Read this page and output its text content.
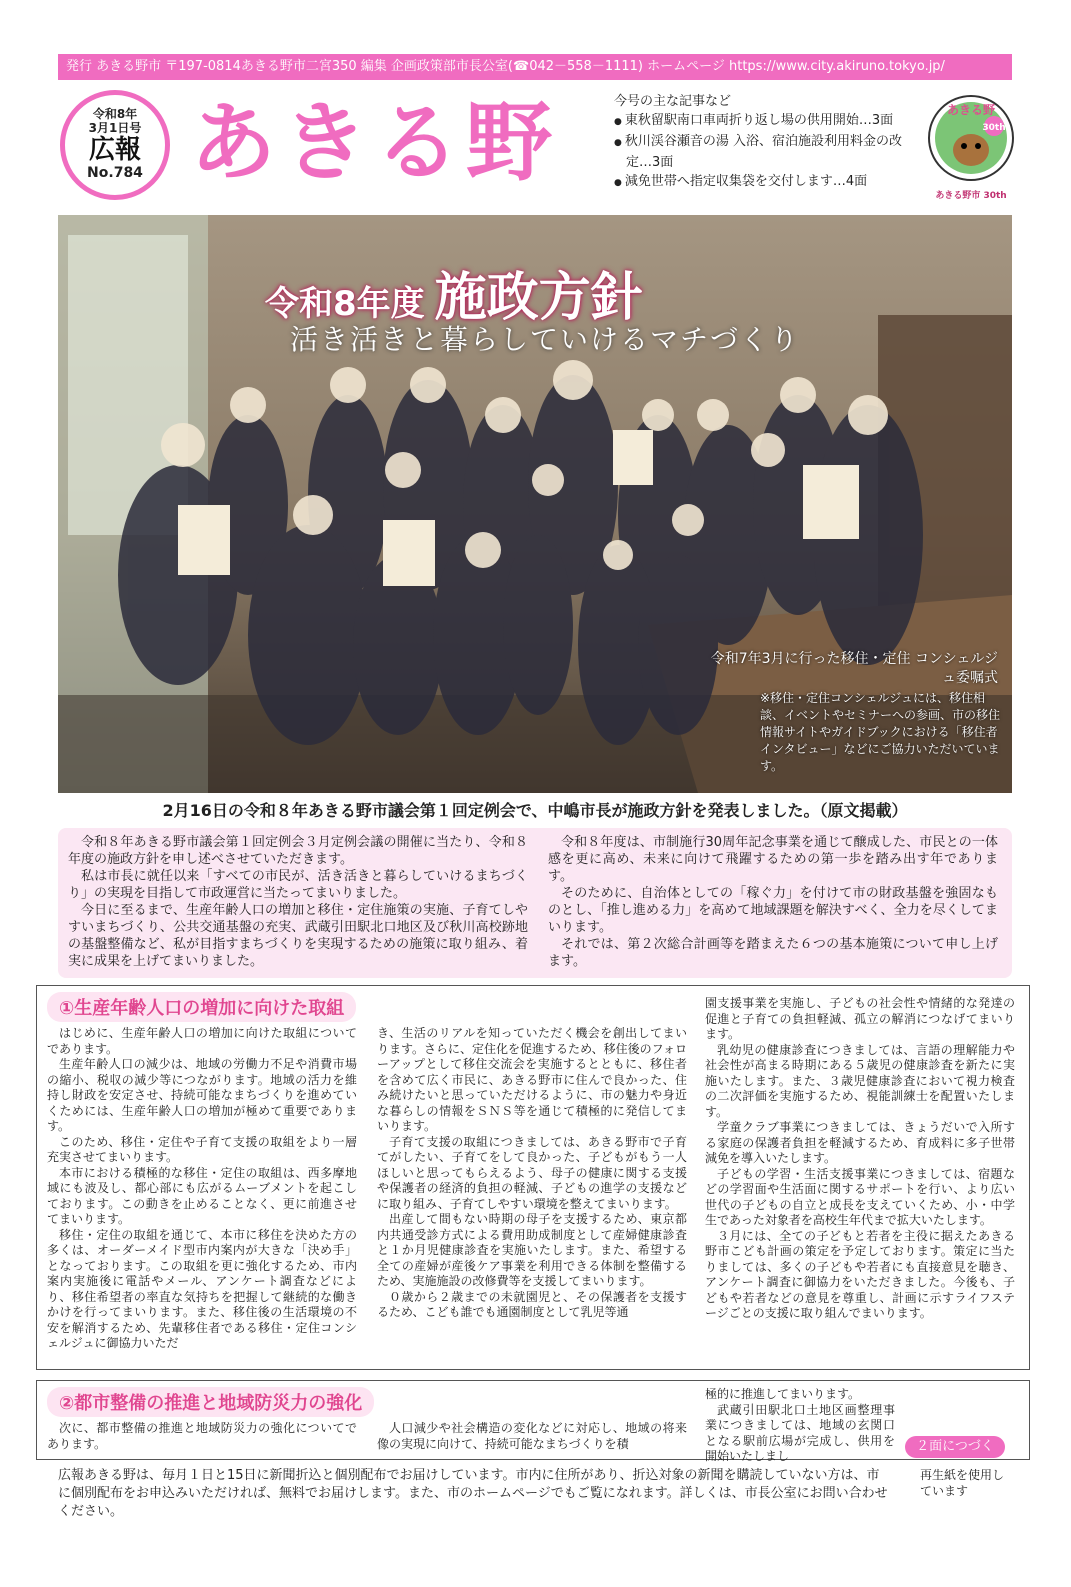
発行 あきる野市 〒197-0814あきる野市二宮350 編集 企画政策部市長公室(☎042－558－1111) ホームページ https://www.city.akiruno.tokyo.jp/
令和8年
3月1日号
広報
No.784 あきる野	今号の主な記事など
● 東秋留駅南口車両折り返し場の供用開始…3面
● 秋川渓谷瀬音の湯 入浴、宿泊施設利用料金の改定…3面
● 減免世帯へ指定収集袋を交付します…4面
あきる野
30th
あきる野市 30th
令和8年度 施政方針
活き活きと暮らしていけるマチづくり
令和7年3月に行った移住・定住 コンシェルジュ委嘱式
※移住・定住コンシェルジュには、移住相談、イベントやセミナーへの参画、市の移住情報サイトやガイドブックにおける「移住者インタビュー」などにご協力いただいています。
2月16日の令和８年あきる野市議会第１回定例会で、中嶋市長が施政方針を発表しました。（原文掲載）

令和８年あきる野市議会第１回定例会３月定例会議の開催に当たり、令和８年度の施政方針を申し述べさせていただきます。

私は市長に就任以来「すべての市民が、活き活きと暮らしていけるまちづくり」の実現を目指して市政運営に当たってまいりました。

今日に至るまで、生産年齢人口の増加と移住・定住施策の実施、子育てしやすいまちづくり、公共交通基盤の充実、武蔵引田駅北口地区及び秋川高校跡地の基盤整備など、私が目指すまちづくりを実現するための施策に取り組み、着実に成果を上げてまいりました。

令和８年度は、市制施行30周年記念事業を通じて醸成した、市民との一体感を更に高め、未来に向けて飛躍するための第一歩を踏み出す年であります。

そのために、自治体としての「稼ぐ力」を付けて市の財政基盤を強固なものとし、「推し進める力」を高めて地域課題を解決すべく、全力を尽くしてまいります。

それでは、第２次総合計画等を踏まえた６つの基本施策について申し上げます。

①生産年齢人口の増加に向けた取組

はじめに、生産年齢人口の増加に向けた取組についてであります。

生産年齢人口の減少は、地域の労働力不足や消費市場の縮小、税収の減少等につながります。地域の活力を維持し財政を安定させ、持続可能なまちづくりを進めていくためには、生産年齢人口の増加が極めて重要であります。

このため、移住・定住や子育て支援の取組をより一層充実させてまいります。

本市における積極的な移住・定住の取組は、西多摩地域にも波及し、都心部にも広がるムーブメントを起こしております。この動きを止めることなく、更に前進させてまいります。

移住・定住の取組を通じて、本市に移住を決めた方の多くは、オーダーメイド型市内案内が大きな「決め手」となっております。この取組を更に強化するため、市内案内実施後に電話やメール、アンケート調査などにより、移住希望者の率直な気持ちを把握して継続的な働きかけを行ってまいります。また、移住後の生活環境の不安を解消するため、先輩移住者である移住・定住コンシェルジュに御協力いただ

き、生活のリアルを知っていただく機会を創出してまいります。さらに、定住化を促進するため、移住後のフォローアップとして移住交流会を実施するとともに、移住者を含めて広く市民に、あきる野市に住んで良かった、住み続けたいと思っていただけるように、市の魅力や身近な暮らしの情報をＳＮＳ等を通じて積極的に発信してまいります。

子育て支援の取組につきましては、あきる野市で子育てがしたい、子育てをして良かった、子どもがもう一人ほしいと思ってもらえるよう、母子の健康に関する支援や保護者の経済的負担の軽減、子どもの進学の支援などに取り組み、子育てしやすい環境を整えてまいります。

出産して間もない時期の母子を支援するため、東京都内共通受診方式による費用助成制度として産婦健康診査と１か月児健康診査を実施いたします。また、希望する全ての産婦が産後ケア事業を利用できる体制を整備するため、実施施設の改修費等を支援してまいります。

０歳から２歳までの未就園児と、その保護者を支援するため、こども誰でも通園制度として乳児等通

園支援事業を実施し、子どもの社会性や情緒的な発達の促進と子育ての負担軽減、孤立の解消につなげてまいります。

乳幼児の健康診査につきましては、言語の理解能力や社会性が高まる時期にある５歳児の健康診査を新たに実施いたします。また、３歳児健康診査において視力検査の二次評価を実施するため、視能訓練士を配置いたします。

学童クラブ事業につきましては、きょうだいで入所する家庭の保護者負担を軽減するため、育成料に多子世帯減免を導入いたします。

子どもの学習・生活支援事業につきましては、宿題などの学習面や生活面に関するサポートを行い、より広い世代の子どもの自立と成長を支えていくため、小・中学生であった対象者を高校生年代まで拡大いたします。

３月には、全ての子どもと若者を主役に据えたあきる野市こども計画の策定を予定しております。策定に当たりましては、多くの子どもや若者にも直接意見を聴き、アンケート調査に御協力をいただきました。今後も、子どもや若者などの意見を尊重し、計画に示すライフステージごとの支援に取り組んでまいります。

②都市整備の推進と地域防災力の強化

次に、都市整備の推進と地域防災力の強化についてであります。

人口減少や社会構造の変化などに対応し、地域の将来像の実現に向けて、持続可能なまちづくりを積

極的に推進してまいります。

武蔵引田駅北口土地区画整理事業につきましては、地域の玄関口となる駅前広場が完成し、供用を開始いたしまし

２面につづく
広報あきる野は、毎月１日と15日に新聞折込と個別配布でお届けしています。市内に住所があり、折込対象の新聞を購読していない方は、市に個別配布をお申込みいただければ、無料でお届けします。また、市のホームページでもご覧になれます。詳しくは、市長公室にお問い合わせください。
再生紙を使用しています
